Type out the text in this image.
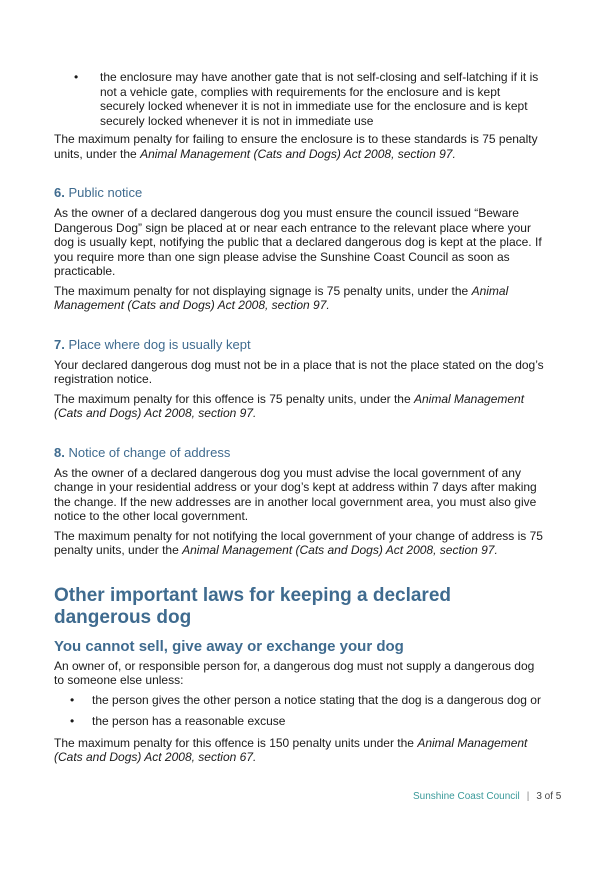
• the enclosure may have another gate that is not self-closing and self-latching if it is not a vehicle gate, complies with requirements for the enclosure and is kept securely locked whenever it is not in immediate use for the enclosure and is kept securely locked whenever it is not in immediate use

The maximum penalty for failing to ensure the enclosure is to these standards is 75 penalty units, under the Animal Management (Cats and Dogs) Act 2008, section 97.

6. Public notice

As the owner of a declared dangerous dog you must ensure the council issued “Beware Dangerous Dog” sign be placed at or near each entrance to the relevant place where your dog is usually kept, notifying the public that a declared dangerous dog is kept at the place. If you require more than one sign please advise the Sunshine Coast Council as soon as practicable.

The maximum penalty for not displaying signage is 75 penalty units, under the Animal Management (Cats and Dogs) Act 2008, section 97.

7. Place where dog is usually kept

Your declared dangerous dog must not be in a place that is not the place stated on the dog’s registration notice.

The maximum penalty for this offence is 75 penalty units, under the Animal Management (Cats and Dogs) Act 2008, section 97.

8. Notice of change of address

As the owner of a declared dangerous dog you must advise the local government of any change in your residential address or your dog’s kept at address within 7 days after making the change. If the new addresses are in another local government area, you must also give notice to the other local government.

The maximum penalty for not notifying the local government of your change of address is 75 penalty units, under the Animal Management (Cats and Dogs) Act 2008, section 97.

Other important laws for keeping a declared dangerous dog
You cannot sell, give away or exchange your dog

An owner of, or responsible person for, a dangerous dog must not supply a dangerous dog to someone else unless:

• the person gives the other person a notice stating that the dog is a dangerous dog or
• the person has a reasonable excuse

The maximum penalty for this offence is 150 penalty units under the Animal Management (Cats and Dogs) Act 2008, section 67.

Sunshine Coast Council | 3 of 5
